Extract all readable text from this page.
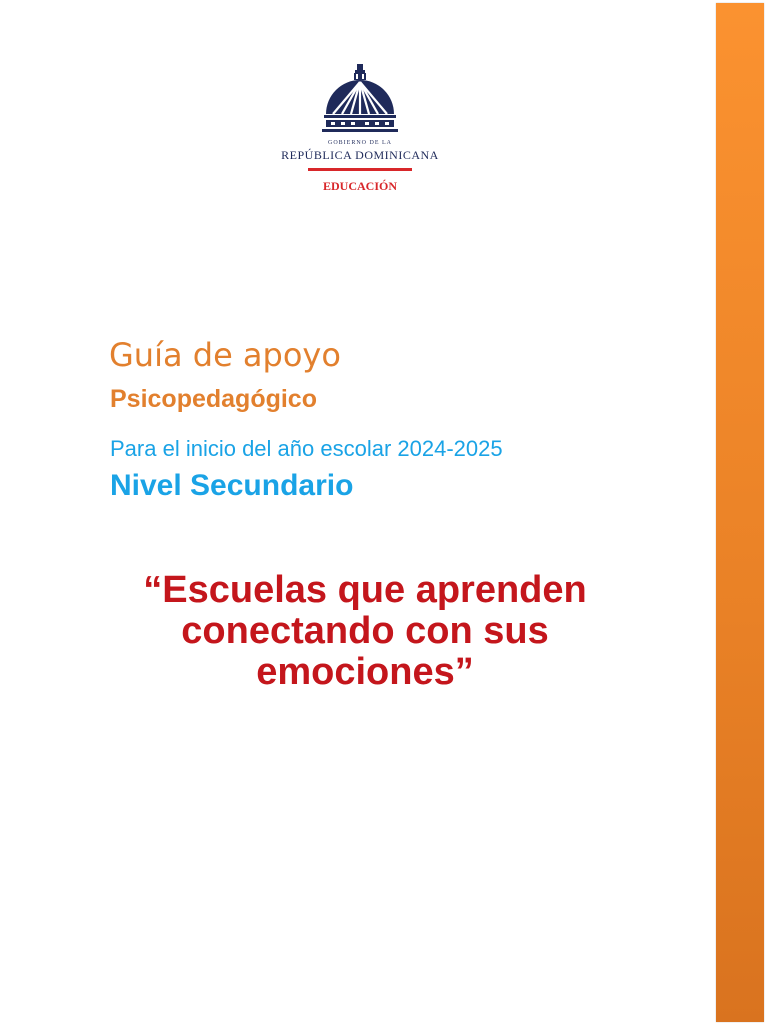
GOBIERNO DE LA
REPÚBLICA DOMINICANA
EDUCACIÓN
Guía de apoyo
Psicopedagógico
Para el inicio del año escolar 2024-2025
Nivel Secundario
“Escuelas que aprenden conectando con sus emociones”
